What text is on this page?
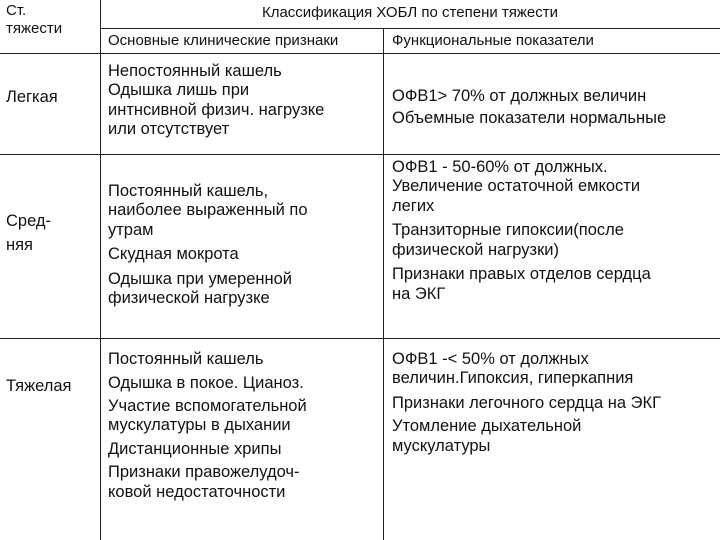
Ст.
тяжести
Классификация ХОБЛ по степени тяжести
Основные клинические признаки	Функциональные показатели
Легкая
Непостоянный кашель
Одышка лишь при
интнсивной физич. нагрузке
или отсутствует
ОФВ1> 70% от должных величин
Объемные показатели нормальные
Сред-
няя
Постоянный кашель,
наиболее выраженный по
утрам
Скудная мокрота
Одышка при умеренной
физической нагрузке
ОФВ1 - 50-60% от должных.
Увеличение остаточной емкости
легих
Транзиторные гипоксии(после
физической нагрузки)
Признаки правых отделов сердца
на ЭКГ
Тяжелая
Постоянный кашель
Одышка в покое. Цианоз.
Участие вспомогательной
мускулатуры в дыхании
Дистанционные хрипы
Признаки правожелудоч-
ковой недостаточности
ОФВ1 -< 50% от должных
величин.Гипоксия, гиперкапния
Признаки легочного сердца на ЭКГ
Утомление дыхательной
мускулатуры
